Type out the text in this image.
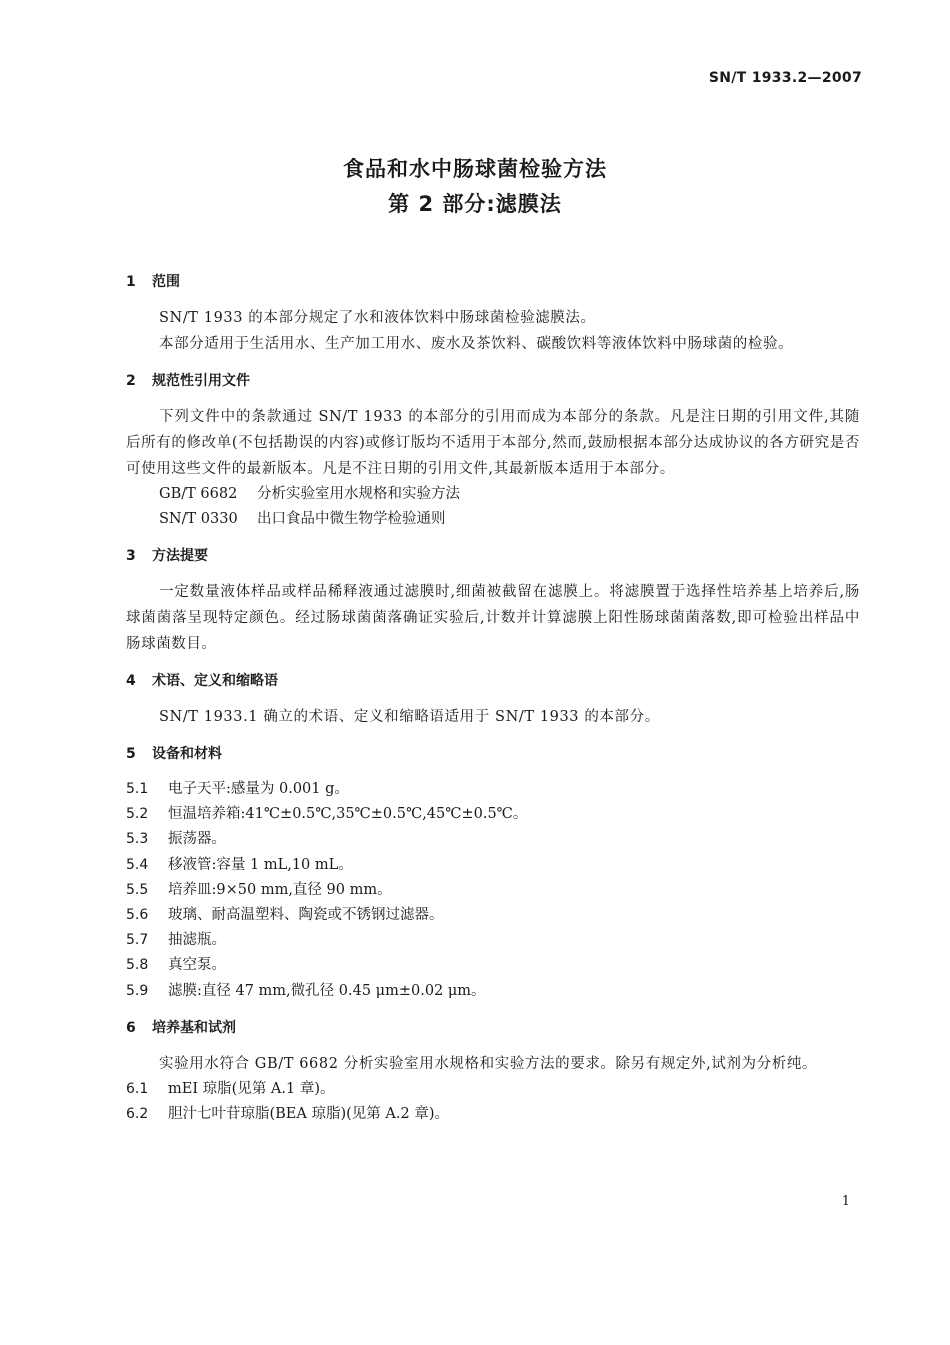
SN/T 1933.2—2007
食品和水中肠球菌检验方法
第 2 部分:滤膜法
1 范围

SN/T 1933 的本部分规定了水和液体饮料中肠球菌检验滤膜法。

本部分适用于生活用水、生产加工用水、废水及茶饮料、碳酸饮料等液体饮料中肠球菌的检验。

2 规范性引用文件

下列文件中的条款通过 SN/T 1933 的本部分的引用而成为本部分的条款。凡是注日期的引用文件,其随后所有的修改单(不包括勘误的内容)或修订版均不适用于本部分,然而,鼓励根据本部分达成协议的各方研究是否可使用这些文件的最新版本。凡是不注日期的引用文件,其最新版本适用于本部分。

GB/T 6682 分析实验室用水规格和实验方法

SN/T 0330 出口食品中微生物学检验通则

3 方法提要

一定数量液体样品或样品稀释液通过滤膜时,细菌被截留在滤膜上。将滤膜置于选择性培养基上培养后,肠球菌菌落呈现特定颜色。经过肠球菌菌落确证实验后,计数并计算滤膜上阳性肠球菌菌落数,即可检验出样品中肠球菌数目。

4 术语、定义和缩略语

SN/T 1933.1 确立的术语、定义和缩略语适用于 SN/T 1933 的本部分。

5 设备和材料

5.1 电子天平:感量为 0.001 g。

5.2 恒温培养箱:41℃±0.5℃,35℃±0.5℃,45℃±0.5℃。

5.3 振荡器。

5.4 移液管:容量 1 mL,10 mL。

5.5 培养皿:9×50 mm,直径 90 mm。

5.6 玻璃、耐高温塑料、陶瓷或不锈钢过滤器。

5.7 抽滤瓶。

5.8 真空泵。

5.9 滤膜:直径 47 mm,微孔径 0.45 μm±0.02 μm。

6 培养基和试剂

实验用水符合 GB/T 6682 分析实验室用水规格和实验方法的要求。除另有规定外,试剂为分析纯。

6.1 mEI 琼脂(见第 A.1 章)。

6.2 胆汁七叶苷琼脂(BEA 琼脂)(见第 A.2 章)。

1
